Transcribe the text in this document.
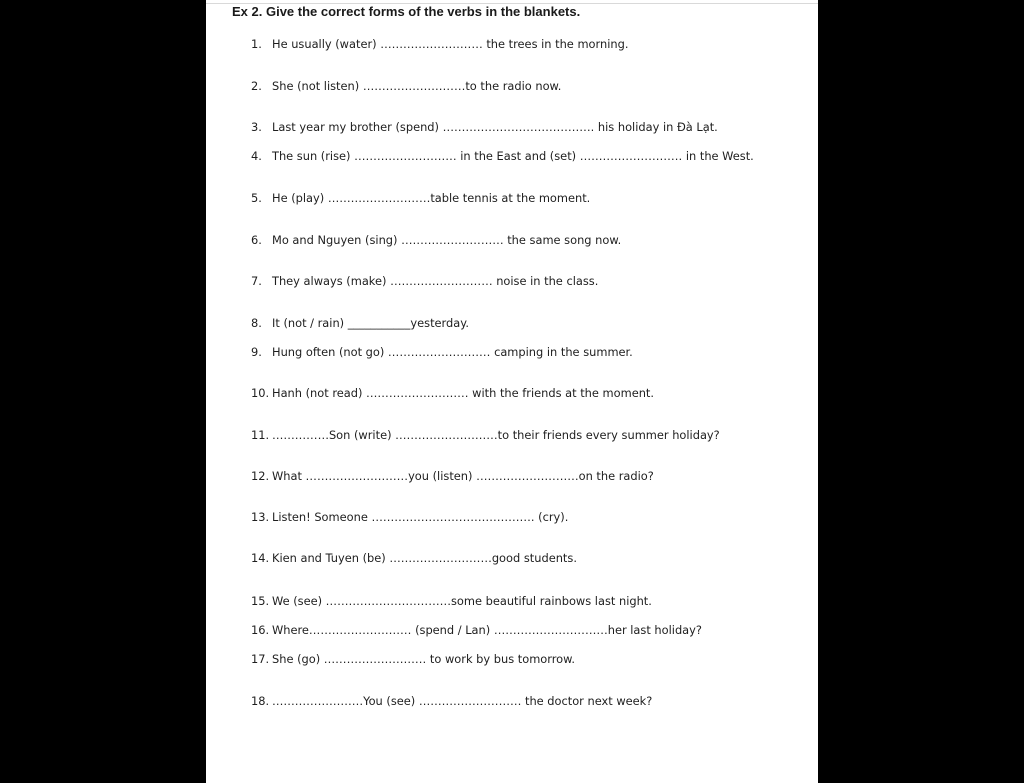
Ex 2. Give the correct forms of the verbs in the blankets.
1. He usually (water) ……………………… the trees in the morning.
2. She (not listen) ………………………to the radio now.
3. Last year my brother (spend) …………………………………. his holiday in Đà Lạt.
4. The sun (rise) ……………………… in the East and (set) ……………………… in the West.
5. He (play) ………………………table tennis at the moment.
6. Mo and Nguyen (sing) ……………………… the same song now.
7. They always (make) ……………………… noise in the class.
8. It (not / rain) ___________yesterday.
9. Hung often (not go) ……………………… camping in the summer.
10. Hanh (not read) ……………………… with the friends at the moment.
11. ……………Son (write) ………………………to their friends every summer holiday?
12. What ………………………you (listen) ………………………on the radio?
13. Listen! Someone ……………………………………. (cry).
14. Kien and Tuyen (be) ………………………good students.
15. We (see) ……………………………some beautiful rainbows last night.
16. Where……………………… (spend / Lan) …………………………her last holiday?
17. She (go) ……………………… to work by bus tomorrow.
18. ……………………You (see) ……………………… the doctor next week?
